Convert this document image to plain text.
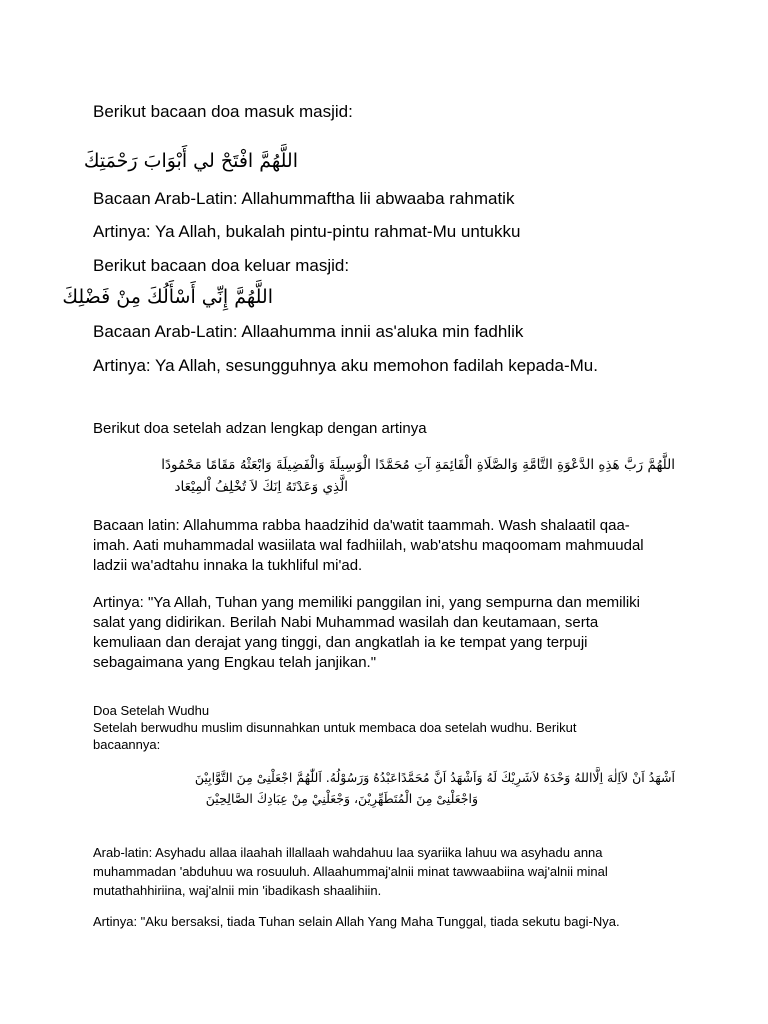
Berikut bacaan doa masuk masjid:

اللَّهُمَّ افْتَحْ لي أَبْوَابَ رَحْمَتِكَ

Bacaan Arab-Latin: Allahummaftha lii abwaaba rahmatik

Artinya: Ya Allah, bukalah pintu-pintu rahmat-Mu untukku

Berikut bacaan doa keluar masjid:

اللَّهُمَّ إِنِّي أَسْأَلُكَ مِنْ فَضْلِكَ

Bacaan Arab-Latin: Allaahumma innii as'aluka min fadhlik

Artinya: Ya Allah, sesungguhnya aku memohon fadilah kepada-Mu.

Berikut doa setelah adzan lengkap dengan artinya

اللَّهُمَّ رَبَّ هَذِهِ الدَّعْوَةِ التَّامَّةِ وَالصَّلَاةِ الْقَائِمَةِ آتِ مُحَمَّدًا الْوَسِيلَةَ وَالْفَضِيلَةَ وَابْعَثْهُ مَقَامًا مَحْمُودًا

الَّذِي وَعَدْتَهُ اِنَكَ لاَ تُخْلِفُ اْلمِيْعَاد

Bacaan latin: Allahumma rabba haadzihid da'watit taammah. Wash shalaatil qaa-

imah. Aati muhammadal wasiilata wal fadhiilah, wab'atshu maqoomam mahmuudal

ladzii wa'adtahu innaka la tukhliful mi'ad.

Artinya: "Ya Allah, Tuhan yang memiliki panggilan ini, yang sempurna dan memiliki

salat yang didirikan. Berilah Nabi Muhammad wasilah dan keutamaan, serta

kemuliaan dan derajat yang tinggi, dan angkatlah ia ke tempat yang terpuji

sebagaimana yang Engkau telah janjikan."

Doa Setelah Wudhu

Setelah berwudhu muslim disunnahkan untuk membaca doa setelah wudhu. Berikut

bacaannya:

اَشْهَدُ اَنْ لاَاِلٰهَ اِلَّااللهُ وَحْدَهُ لاَشَرِيْكَ لَهُ وَاَشْهَدُ اَنَّ مُحَمَّدًاعَبْدُهُ وَرَسُوْلُهُ. اَللّٰهُمَّ اجْعَلْنِىْ مِنَ التَّوَّابِيْنَ

وَاجْعَلْنِىْ مِنَ الْمُتَطَهِّرِيْنَ، وَجْعَلْنِيْ مِنْ عِبَادِكَ الصَّالِحِيْنَ

Arab-latin: Asyhadu allaa ilaahah illallaah wahdahuu laa syariika lahuu wa asyhadu anna

muhammadan 'abduhuu wa rosuuluh. Allaahummaj'alnii minat tawwaabiina waj'alnii minal

mutathahhiriina, waj'alnii min 'ibadikash shaalihiin.

Artinya: "Aku bersaksi, tiada Tuhan selain Allah Yang Maha Tunggal, tiada sekutu bagi-Nya.
